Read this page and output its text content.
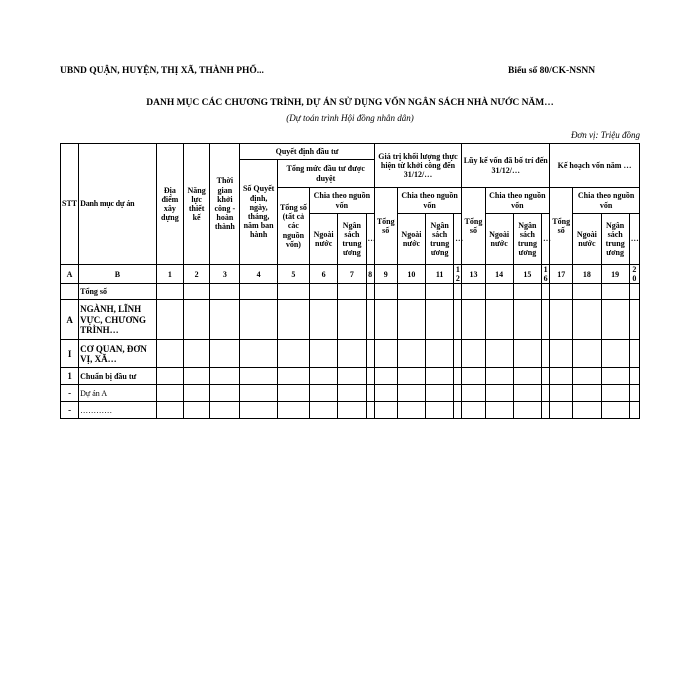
UBND QUẬN, HUYỆN, THỊ XÃ, THÀNH PHỐ...	Biểu số 80/CK-NSNN
DANH MỤC CÁC CHƯƠNG TRÌNH, DỰ ÁN SỬ DỤNG VỐN NGÂN SÁCH NHÀ NƯỚC NĂM…
(Dự toán trình Hội đồng nhân dân)
Đơn vị: Triệu đồng
STT	Danh mục dự án	Địa điểm xây dựng	Năng lực thiết kế	Thời gian khởi công - hoàn thành	Quyết định đầu tư					Giá trị khối lượng thực hiện từ khởi công đến 31/12/…				Lũy kế vốn đã bố trí đến 31/12/…				Kế hoạch vốn năm …			
					Số Quyết định, ngày, tháng, năm ban hành	Tổng mức đầu tư được duyệt															
						Tổng số (tất cả các nguồn vốn)	Chia theo nguồn vốn			Tổng số	Chia theo nguồn vốn			Tổng số	Chia theo nguồn vốn			Tổng số	Chia theo nguồn vốn		
							Ngoài nước	Ngân sách trung ương	…		Ngoài nước	Ngân sách trung ương	…		Ngoài nước	Ngân sách trung ương	…		Ngoài nước	Ngân sách trung ương	…
A	B	1	2	3	4	5	6	7	8	9	10	11	12	13	14	15	16	17	18	19	20
	Tổng số																				
A	NGÀNH, LĨNH VỰC, CHƯƠNG TRÌNH…																				
I	CƠ QUAN, ĐƠN VỊ, XÃ…																				
1	Chuẩn bị đầu tư																				
-	Dự án A																				
-	…………																				
